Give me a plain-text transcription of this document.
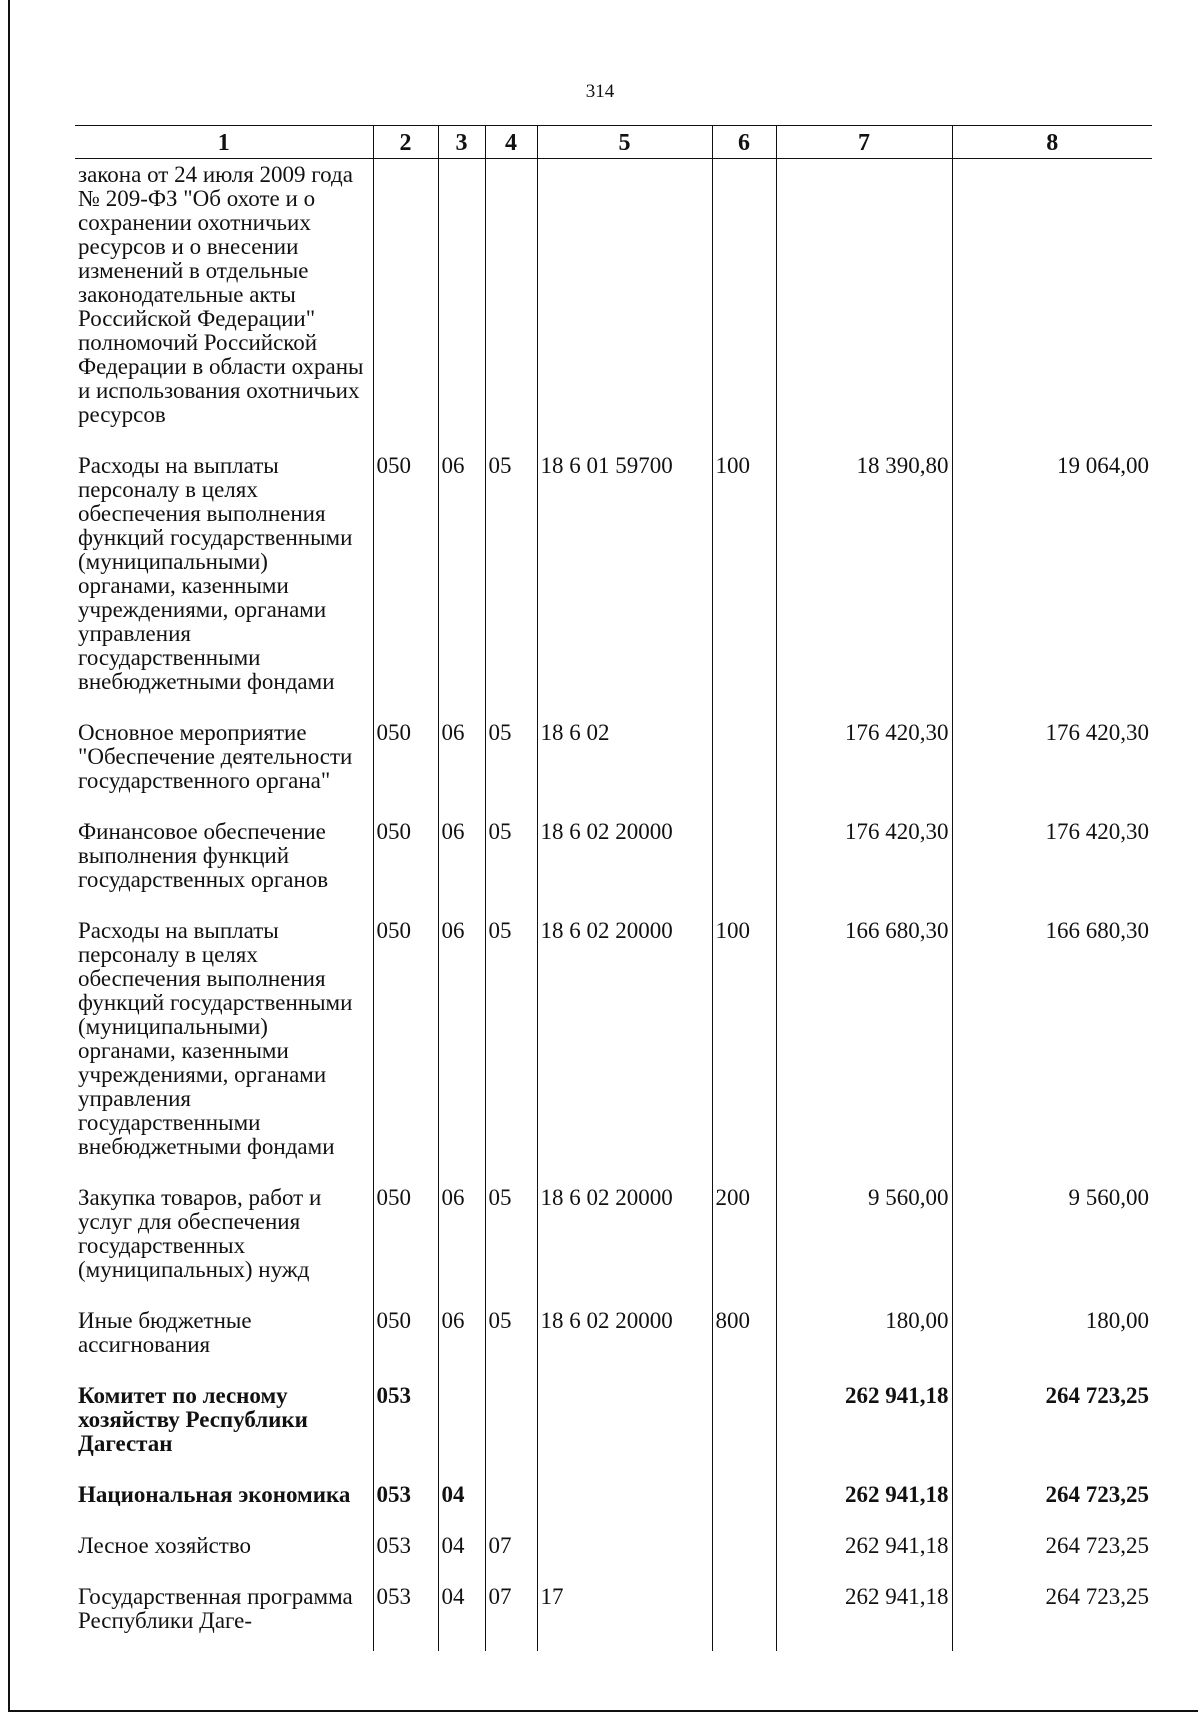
314
1	2	3	4	5	6	7	8
закона от 24 июля 2009 года № 209-ФЗ "Об охоте и о сохранении охотничьих ресурсов и о внесении изменений в отдельные законодательные акты Российской Федерации" полномочий Российской Федерации в области охраны и использования охотничьих ресурсов							
Расходы на выплаты персоналу в целях обеспечения выполнения функций государственными (муниципальными) органами, казенными учреждениями, органами управления государственными внебюджетными фондами	050	06	05	18 6 01 59700	100	18 390,80	19 064,00
Основное мероприятие "Обеспечение деятельности государственного органа"	050	06	05	18 6 02		176 420,30	176 420,30
Финансовое обеспечение выполнения функций государственных органов	050	06	05	18 6 02 20000		176 420,30	176 420,30
Расходы на выплаты персоналу в целях обеспечения выполнения функций государственными (муниципальными) органами, казенными учреждениями, органами управления государственными внебюджетными фондами	050	06	05	18 6 02 20000	100	166 680,30	166 680,30
Закупка товаров, работ и услуг для обеспечения государственных (муниципальных) нужд	050	06	05	18 6 02 20000	200	9 560,00	9 560,00
Иные бюджетные ассигнования	050	06	05	18 6 02 20000	800	180,00	180,00
Комитет по лесному хозяйству Республики Дагестан	053					262 941,18	264 723,25
Национальная экономика	053	04				262 941,18	264 723,25
Лесное хозяйство	053	04	07			262 941,18	264 723,25
Государственная программа Республики Даге-	053	04	07	17		262 941,18	264 723,25
